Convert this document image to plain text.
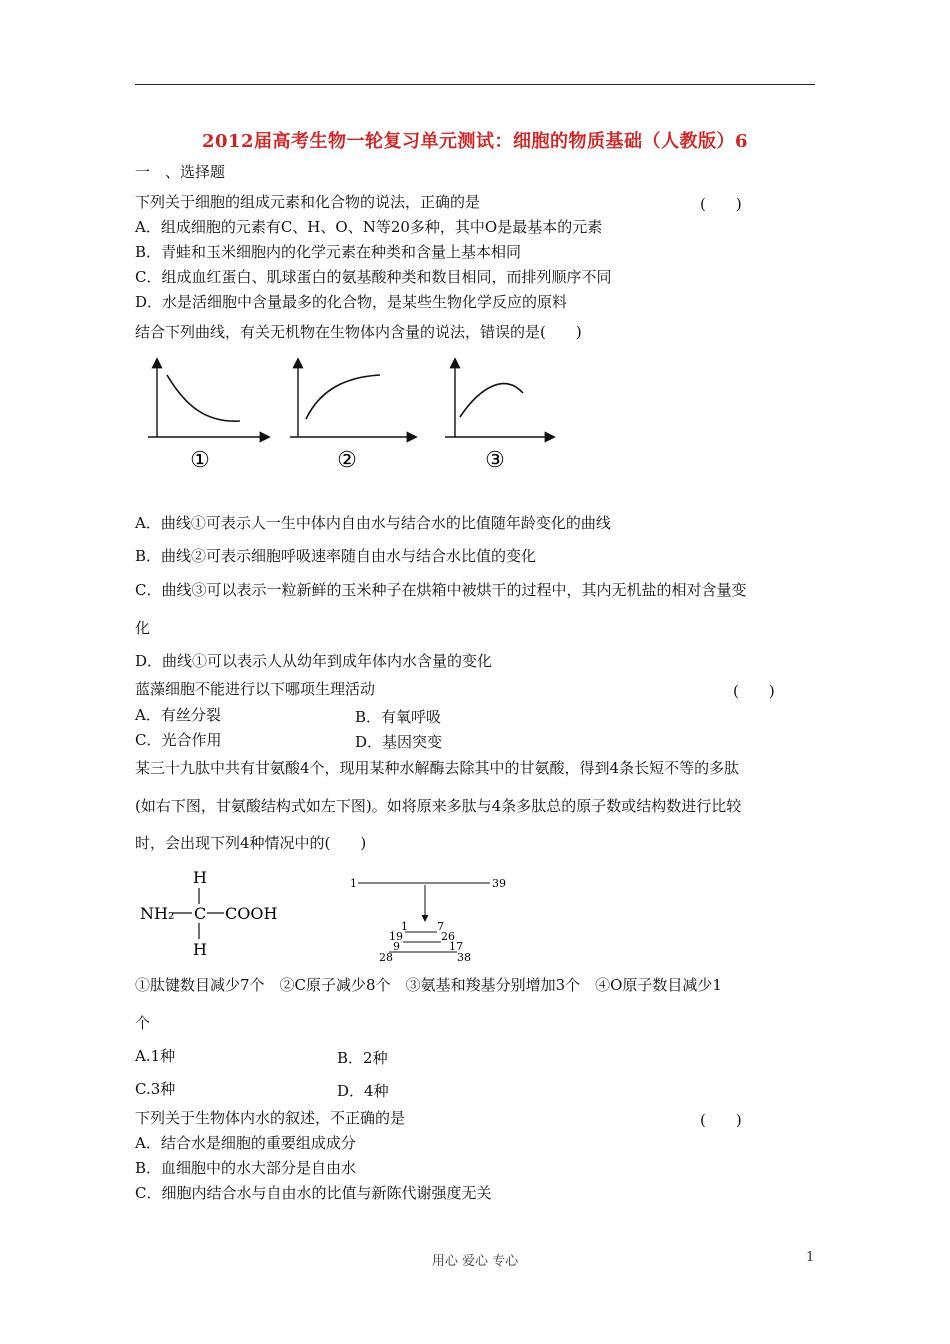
2012届高考生物一轮复习单元测试：细胞的物质基础（人教版）6
一　、选择题
下列关于细胞的组成元素和化合物的说法，正确的是	(　　)
A．组成细胞的元素有C、H、O、N等20多种，其中O是最基本的元素
B．青蛙和玉米细胞内的化学元素在种类和含量上基本相同
C．组成血红蛋白、肌球蛋白的氨基酸种类和数目相同，而排列顺序不同
D．水是活细胞中含量最多的化合物，是某些生物化学反应的原料
结合下列曲线，有关无机物在生物体内含量的说法，错误的是(　　)
①	②	③
A．曲线①可表示人一生中体内自由水与结合水的比值随年龄变化的曲线
B．曲线②可表示细胞呼吸速率随自由水与结合水比值的变化
C．曲线③可以表示一粒新鲜的玉米种子在烘箱中被烘干的过程中，其内无机盐的相对含量变
化
D．曲线①可以表示人从幼年到成年体内水含量的变化
蓝藻细胞不能进行以下哪项生理活动	(　　)
A．有丝分裂	B．有氧呼吸
C．光合作用	D．基因突变
某三十九肽中共有甘氨酸4个，现用某种水解酶去除其中的甘氨酸，得到4条长短不等的多肽
(如右下图，甘氨酸结构式如左下图)。如将原来多肽与4条多肽总的原子数或结构数进行比较
时，会出现下列4种情况中的(　　)
H
NH₂ C COOH
H
1	39
1	7
19	26
9	17
28	38
①肽键数目减少7个　②C原子减少8个　③氨基和羧基分别增加3个　④O原子数目减少1
个
A.1种	B．2种
C.3种	D．4种
下列关于生物体内水的叙述，不正确的是	(　　)
A．结合水是细胞的重要组成成分
B．血细胞中的水大部分是自由水
C．细胞内结合水与自由水的比值与新陈代谢强度无关
用心 爱心 专心	1
